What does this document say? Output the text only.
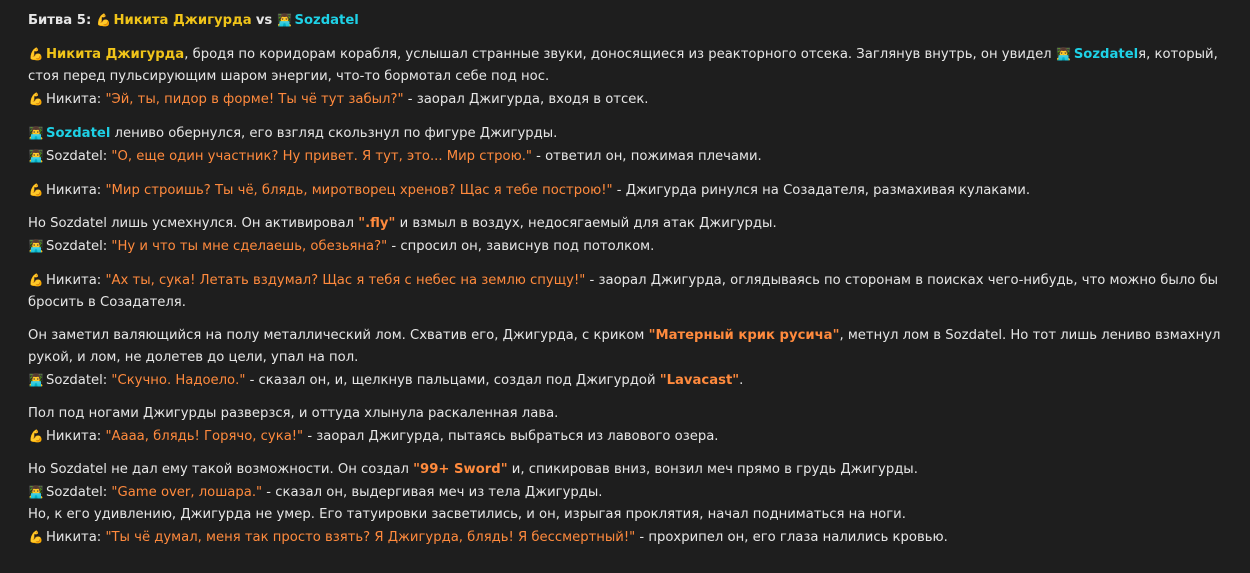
Битва 5: 💪 Никита Джигурда vs 👨‍💻 Sozdatel

💪 Никита Джигурда, бродя по коридорам корабля, услышал странные звуки, доносящиеся из реакторного отсека. Заглянув внутрь, он увидел 👨‍💻 Sozdatelя, который, стоя перед пульсирующим шаром энергии, что-то бормотал себе под нос.

💪 Никита: "Эй, ты, пидор в форме! Ты чё тут забыл?" - заорал Джигурда, входя в отсек.

👨‍💻 Sozdatel лениво обернулся, его взгляд скользнул по фигуре Джигурды.

👨‍💻 Sozdatel: "О, еще один участник? Ну привет. Я тут, это... Мир строю." - ответил он, пожимая плечами.

💪 Никита: "Мир строишь? Ты чё, блядь, миротворец хренов? Щас я тебе построю!" - Джигурда ринулся на Созадателя, размахивая кулаками.

Но Sozdatel лишь усмехнулся. Он активировал ".fly" и взмыл в воздух, недосягаемый для атак Джигурды.

👨‍💻 Sozdatel: "Ну и что ты мне сделаешь, обезьяна?" - спросил он, зависнув под потолком.

💪 Никита: "Ах ты, сука! Летать вздумал? Щас я тебя с небес на землю спущу!" - заорал Джигурда, оглядываясь по сторонам в поисках чего-нибудь, что можно было бы бросить в Созадателя.

Он заметил валяющийся на полу металлический лом. Схватив его, Джигурда, с криком "Матерный крик русича", метнул лом в Sozdatel. Но тот лишь лениво взмахнул рукой, и лом, не долетев до цели, упал на пол.

👨‍💻 Sozdatel: "Скучно. Надоело." - сказал он, и, щелкнув пальцами, создал под Джигурдой "Lavacast".

Пол под ногами Джигурды разверзся, и оттуда хлынула раскаленная лава.

💪 Никита: "Аааа, блядь! Горячо, сука!" - заорал Джигурда, пытаясь выбраться из лавового озера.

Но Sozdatel не дал ему такой возможности. Он создал "99+ Sword" и, спикировав вниз, вонзил меч прямо в грудь Джигурды.

👨‍💻 Sozdatel: "Game over, лошара." - сказал он, выдергивая меч из тела Джигурды.

Но, к его удивлению, Джигурда не умер. Его татуировки засветились, и он, изрыгая проклятия, начал подниматься на ноги.

💪 Никита: "Ты чё думал, меня так просто взять? Я Джигурда, блядь! Я бессмертный!" - прохрипел он, его глаза налились кровью.
